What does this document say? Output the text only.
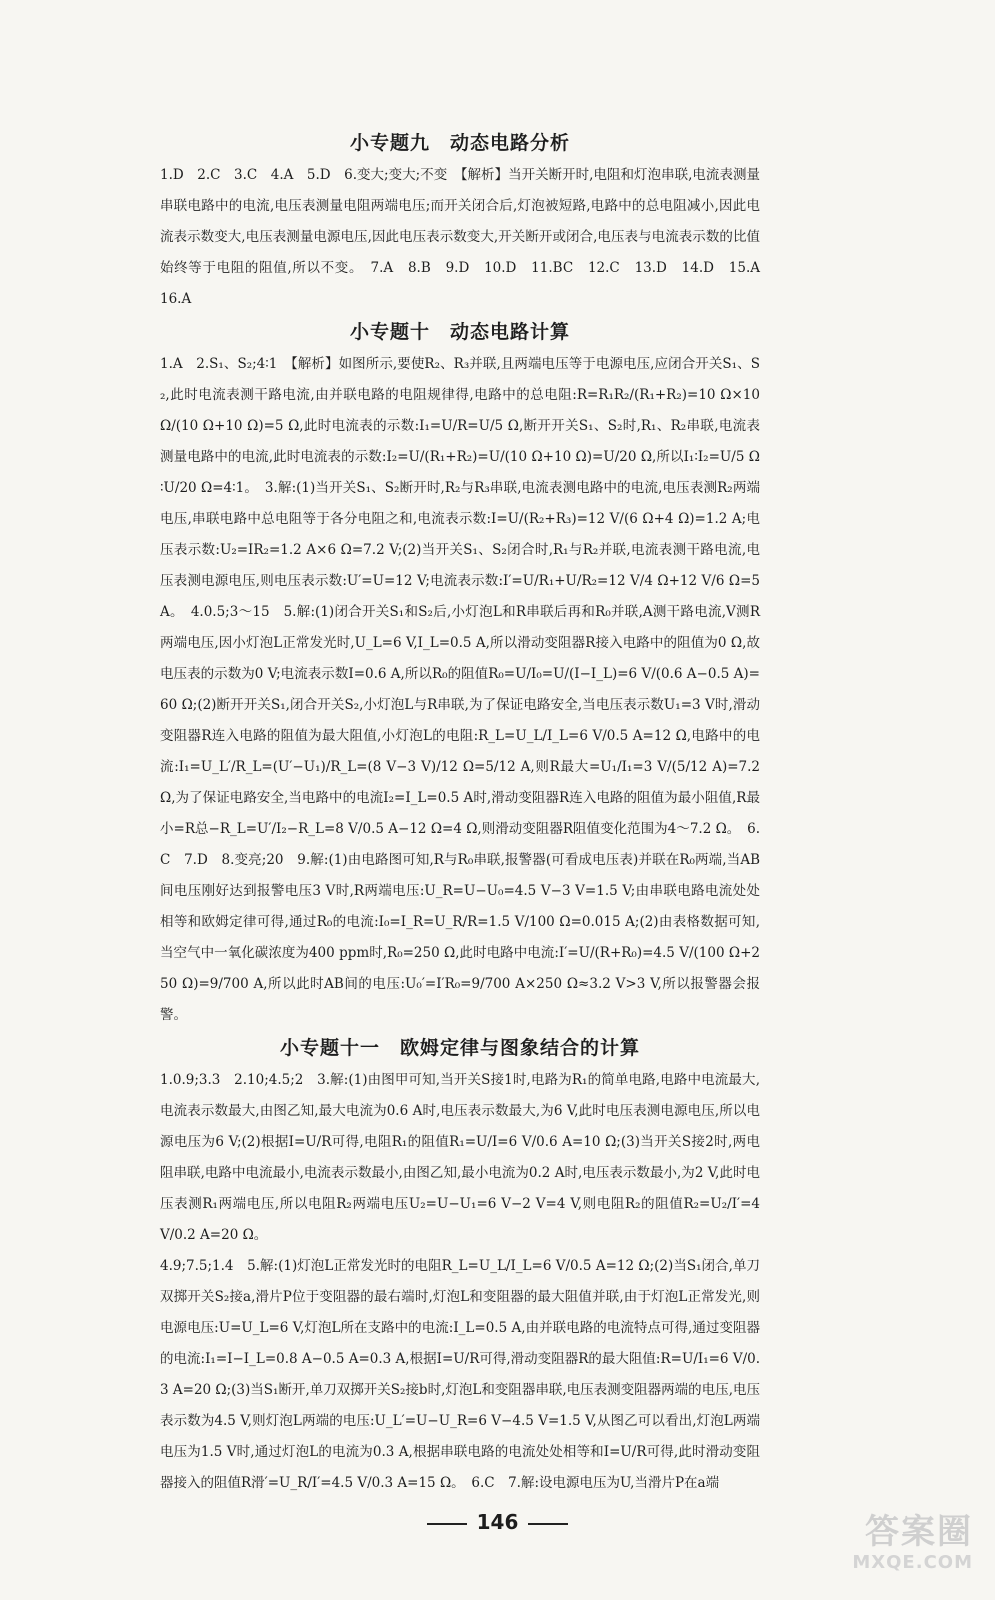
小专题九　动态电路分析

1.D　2.C　3.C　4.A　5.D　6.变大;变大;不变　【解析】当开关断开时,电阻和灯泡串联,电流表测量串联电路中的电流,电压表测量电阻两端电压;而开关闭合后,灯泡被短路,电路中的总电阻减小,因此电流表示数变大,电压表测量电源电压,因此电压表示数变大,开关断开或闭合,电压表与电流表示数的比值始终等于电阻的阻值,所以不变。　7.A　8.B　9.D　10.D　11.BC　12.C　13.D　14.D　15.A　16.A

小专题十　动态电路计算

1.A　2.S₁、S₂;4∶1　【解析】如图所示,要使R₂、R₃并联,且两端电压等于电源电压,应闭合开关S₁、S₂,此时电流表测干路电流,由并联电路的电阻规律得,电路中的总电阻:R=R₁R₂/(R₁+R₂)=10 Ω×10 Ω/(10 Ω+10 Ω)=5 Ω,此时电流表的示数:I₁=U/R=U/5 Ω,断开开关S₁、S₂时,R₁、R₂串联,电流表测量电路中的电流,此时电流表的示数:I₂=U/(R₁+R₂)=U/(10 Ω+10 Ω)=U/20 Ω,所以I₁∶I₂=U/5 Ω∶U/20 Ω=4∶1。　3.解:(1)当开关S₁、S₂断开时,R₂与R₃串联,电流表测电路中的电流,电压表测R₂两端电压,串联电路中总电阻等于各分电阻之和,电流表示数:I=U/(R₂+R₃)=12 V/(6 Ω+4 Ω)=1.2 A;电压表示数:U₂=IR₂=1.2 A×6 Ω=7.2 V;(2)当开关S₁、S₂闭合时,R₁与R₂并联,电流表测干路电流,电压表测电源电压,则电压表示数:U′=U=12 V;电流表示数:I′=U/R₁+U/R₂=12 V/4 Ω+12 V/6 Ω=5 A。　4.0.5;3～15　5.解:(1)闭合开关S₁和S₂后,小灯泡L和R串联后再和R₀并联,A测干路电流,V测R两端电压,因小灯泡L正常发光时,U_L=6 V,I_L=0.5 A,所以滑动变阻器R接入电路中的阻值为0 Ω,故电压表的示数为0 V;电流表示数I=0.6 A,所以R₀的阻值R₀=U/I₀=U/(I−I_L)=6 V/(0.6 A−0.5 A)=60 Ω;(2)断开开关S₁,闭合开关S₂,小灯泡L与R串联,为了保证电路安全,当电压表示数U₁=3 V时,滑动变阻器R连入电路的阻值为最大阻值,小灯泡L的电阻:R_L=U_L/I_L=6 V/0.5 A=12 Ω,电路中的电流:I₁=U_L′/R_L=(U′−U₁)/R_L=(8 V−3 V)/12 Ω=5/12 A,则R最大=U₁/I₁=3 V/(5/12 A)=7.2 Ω,为了保证电路安全,当电路中的电流I₂=I_L=0.5 A时,滑动变阻器R连入电路的阻值为最小阻值,R最小=R总−R_L=U′/I₂−R_L=8 V/0.5 A−12 Ω=4 Ω,则滑动变阻器R阻值变化范围为4～7.2 Ω。　6.C　7.D　8.变亮;20　9.解:(1)由电路图可知,R与R₀串联,报警器(可看成电压表)并联在R₀两端,当AB间电压刚好达到报警电压3 V时,R两端电压:U_R=U−U₀=4.5 V−3 V=1.5 V;由串联电路电流处处相等和欧姆定律可得,通过R₀的电流:I₀=I_R=U_R/R=1.5 V/100 Ω=0.015 A;(2)由表格数据可知,当空气中一氧化碳浓度为400 ppm时,R₀=250 Ω,此时电路中电流:I′=U/(R+R₀)=4.5 V/(100 Ω+250 Ω)=9/700 A,所以此时AB间的电压:U₀′=I′R₀=9/700 A×250 Ω≈3.2 V>3 V,所以报警器会报警。

小专题十一　欧姆定律与图象结合的计算

1.0.9;3.3　2.10;4.5;2　3.解:(1)由图甲可知,当开关S接1时,电路为R₁的简单电路,电路中电流最大,电流表示数最大,由图乙知,最大电流为0.6 A时,电压表示数最大,为6 V,此时电压表测电源电压,所以电源电压为6 V;(2)根据I=U/R可得,电阻R₁的阻值R₁=U/I=6 V/0.6 A=10 Ω;(3)当开关S接2时,两电阻串联,电路中电流最小,电流表示数最小,由图乙知,最小电流为0.2 A时,电压表示数最小,为2 V,此时电压表测R₁两端电压,所以电阻R₂两端电压U₂=U−U₁=6 V−2 V=4 V,则电阻R₂的阻值R₂=U₂/I′=4 V/0.2 A=20 Ω。

4.9;7.5;1.4　5.解:(1)灯泡L正常发光时的电阻R_L=U_L/I_L=6 V/0.5 A=12 Ω;(2)当S₁闭合,单刀双掷开关S₂接a,滑片P位于变阻器的最右端时,灯泡L和变阻器的最大阻值并联,由于灯泡L正常发光,则电源电压:U=U_L=6 V,灯泡L所在支路中的电流:I_L=0.5 A,由并联电路的电流特点可得,通过变阻器的电流:I₁=I−I_L=0.8 A−0.5 A=0.3 A,根据I=U/R可得,滑动变阻器R的最大阻值:R=U/I₁=6 V/0.3 A=20 Ω;(3)当S₁断开,单刀双掷开关S₂接b时,灯泡L和变阻器串联,电压表测变阻器两端的电压,电压表示数为4.5 V,则灯泡L两端的电压:U_L′=U−U_R=6 V−4.5 V=1.5 V,从图乙可以看出,灯泡L两端电压为1.5 V时,通过灯泡L的电流为0.3 A,根据串联电路的电流处处相等和I=U/R可得,此时滑动变阻器接入的阻值R滑′=U_R/I′=4.5 V/0.3 A=15 Ω。　6.C　7.解:设电源电压为U,当滑片P在a端

146	答案圈
MXQE.COM
